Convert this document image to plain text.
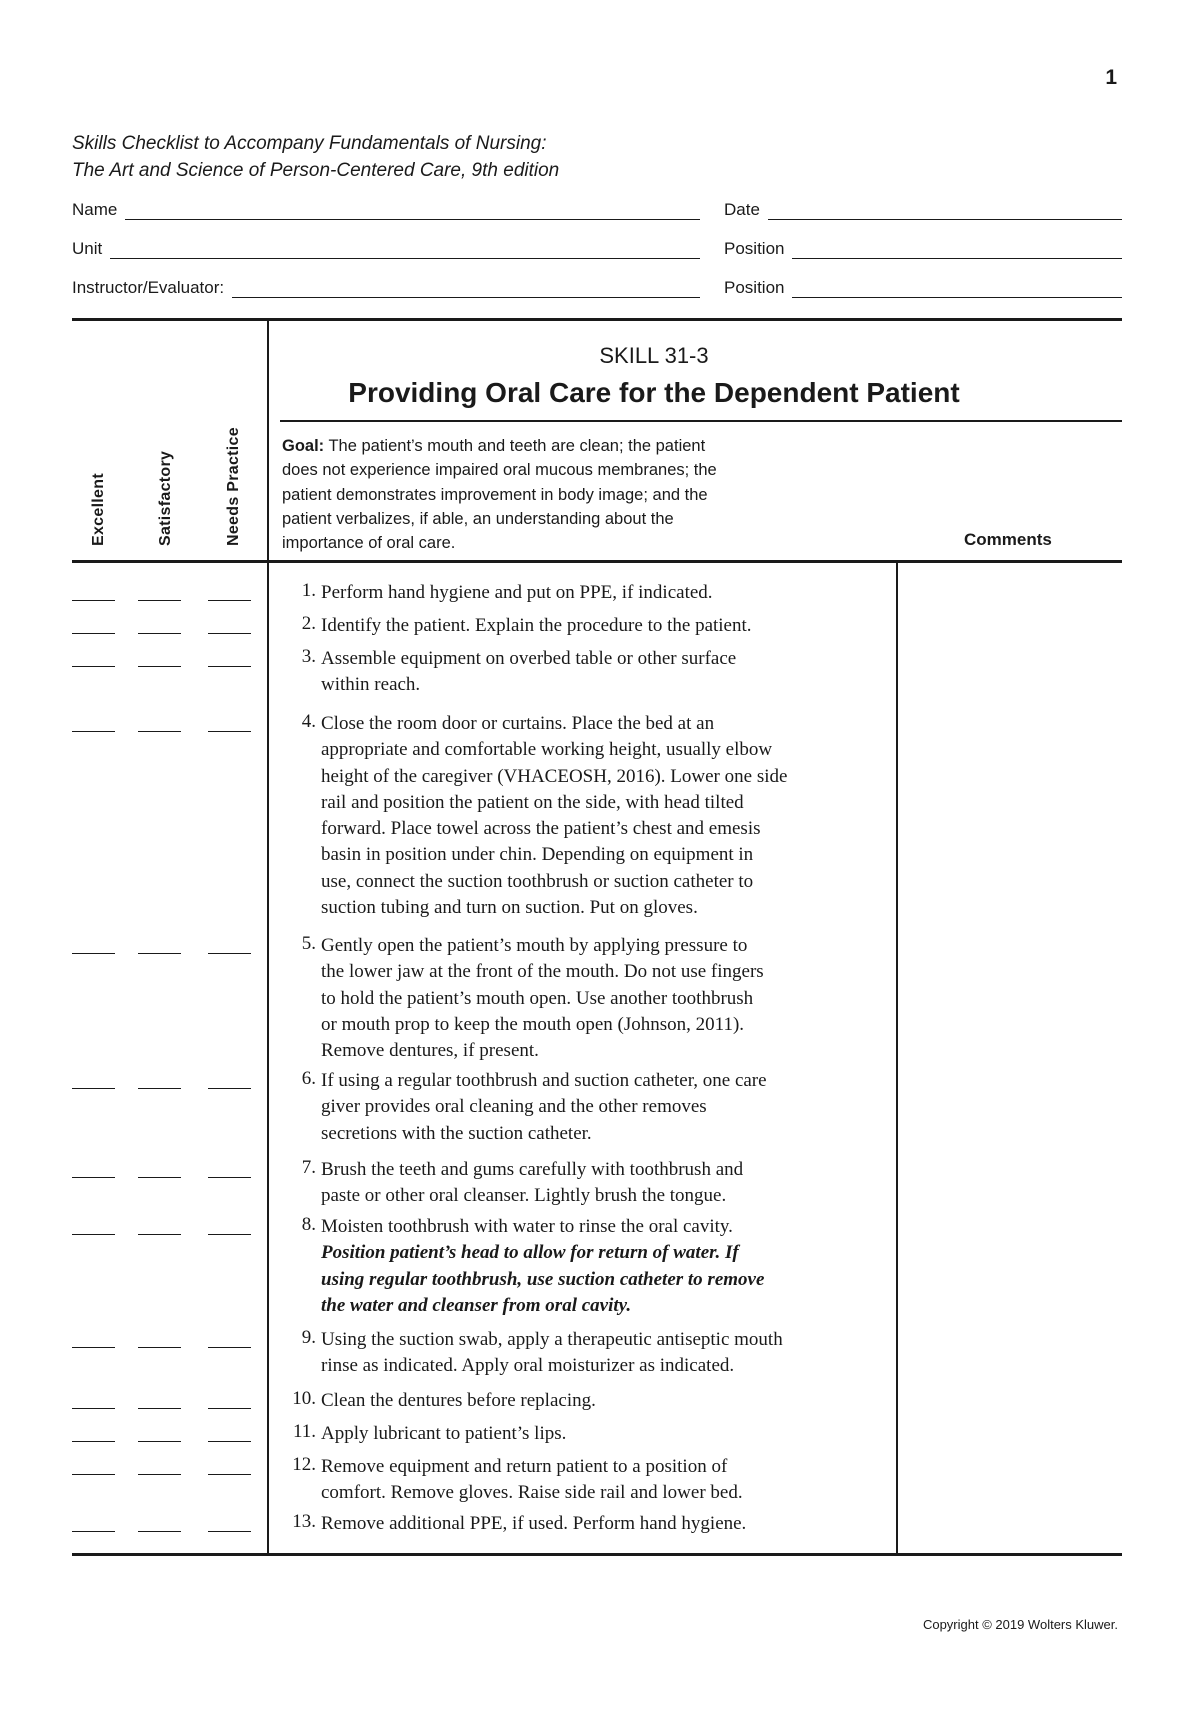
1
Skills Checklist to Accompany Fundamentals of Nursing:
The Art and Science of Person-Centered Care, 9th edition
Name	Date
Unit	Position
Instructor/Evaluator:	Position
Excellent	Satisfactory	Needs Practice
SKILL 31-3
Providing Oral Care for the Dependent Patient
Goal: The patient’s mouth and teeth are clean; the patient
does not experience impaired oral mucous membranes; the
patient demonstrates improvement in body image; and the
patient verbalizes, if able, an understanding about the
importance of oral care.	Comments
1. Perform hand hygiene and put on PPE, if indicated.
2. Identify the patient. Explain the procedure to the patient.
3. Assemble equipment on overbed table or other surface
within reach.
4. Close the room door or curtains. Place the bed at an
appropriate and comfortable working height, usually elbow
height of the caregiver (VHACEOSH, 2016). Lower one side
rail and position the patient on the side, with head tilted
forward. Place towel across the patient’s chest and emesis
basin in position under chin. Depending on equipment in
use, connect the suction toothbrush or suction catheter to
suction tubing and turn on suction. Put on gloves.
5. Gently open the patient’s mouth by applying pressure to
the lower jaw at the front of the mouth. Do not use fingers
to hold the patient’s mouth open. Use another toothbrush
or mouth prop to keep the mouth open (Johnson, 2011).
Remove dentures, if present.
6. If using a regular toothbrush and suction catheter, one care
giver provides oral cleaning and the other removes
secretions with the suction catheter.
7. Brush the teeth and gums carefully with toothbrush and
paste or other oral cleanser. Lightly brush the tongue.
8. Moisten toothbrush with water to rinse the oral cavity.
Position patient’s head to allow for return of water. If
using regular toothbrush, use suction catheter to remove
the water and cleanser from oral cavity.
9. Using the suction swab, apply a therapeutic antiseptic mouth
rinse as indicated. Apply oral moisturizer as indicated.
10. Clean the dentures before replacing.
11. Apply lubricant to patient’s lips.
12. Remove equipment and return patient to a position of
comfort. Remove gloves. Raise side rail and lower bed.
13. Remove additional PPE, if used. Perform hand hygiene.
Copyright © 2019 Wolters Kluwer.
